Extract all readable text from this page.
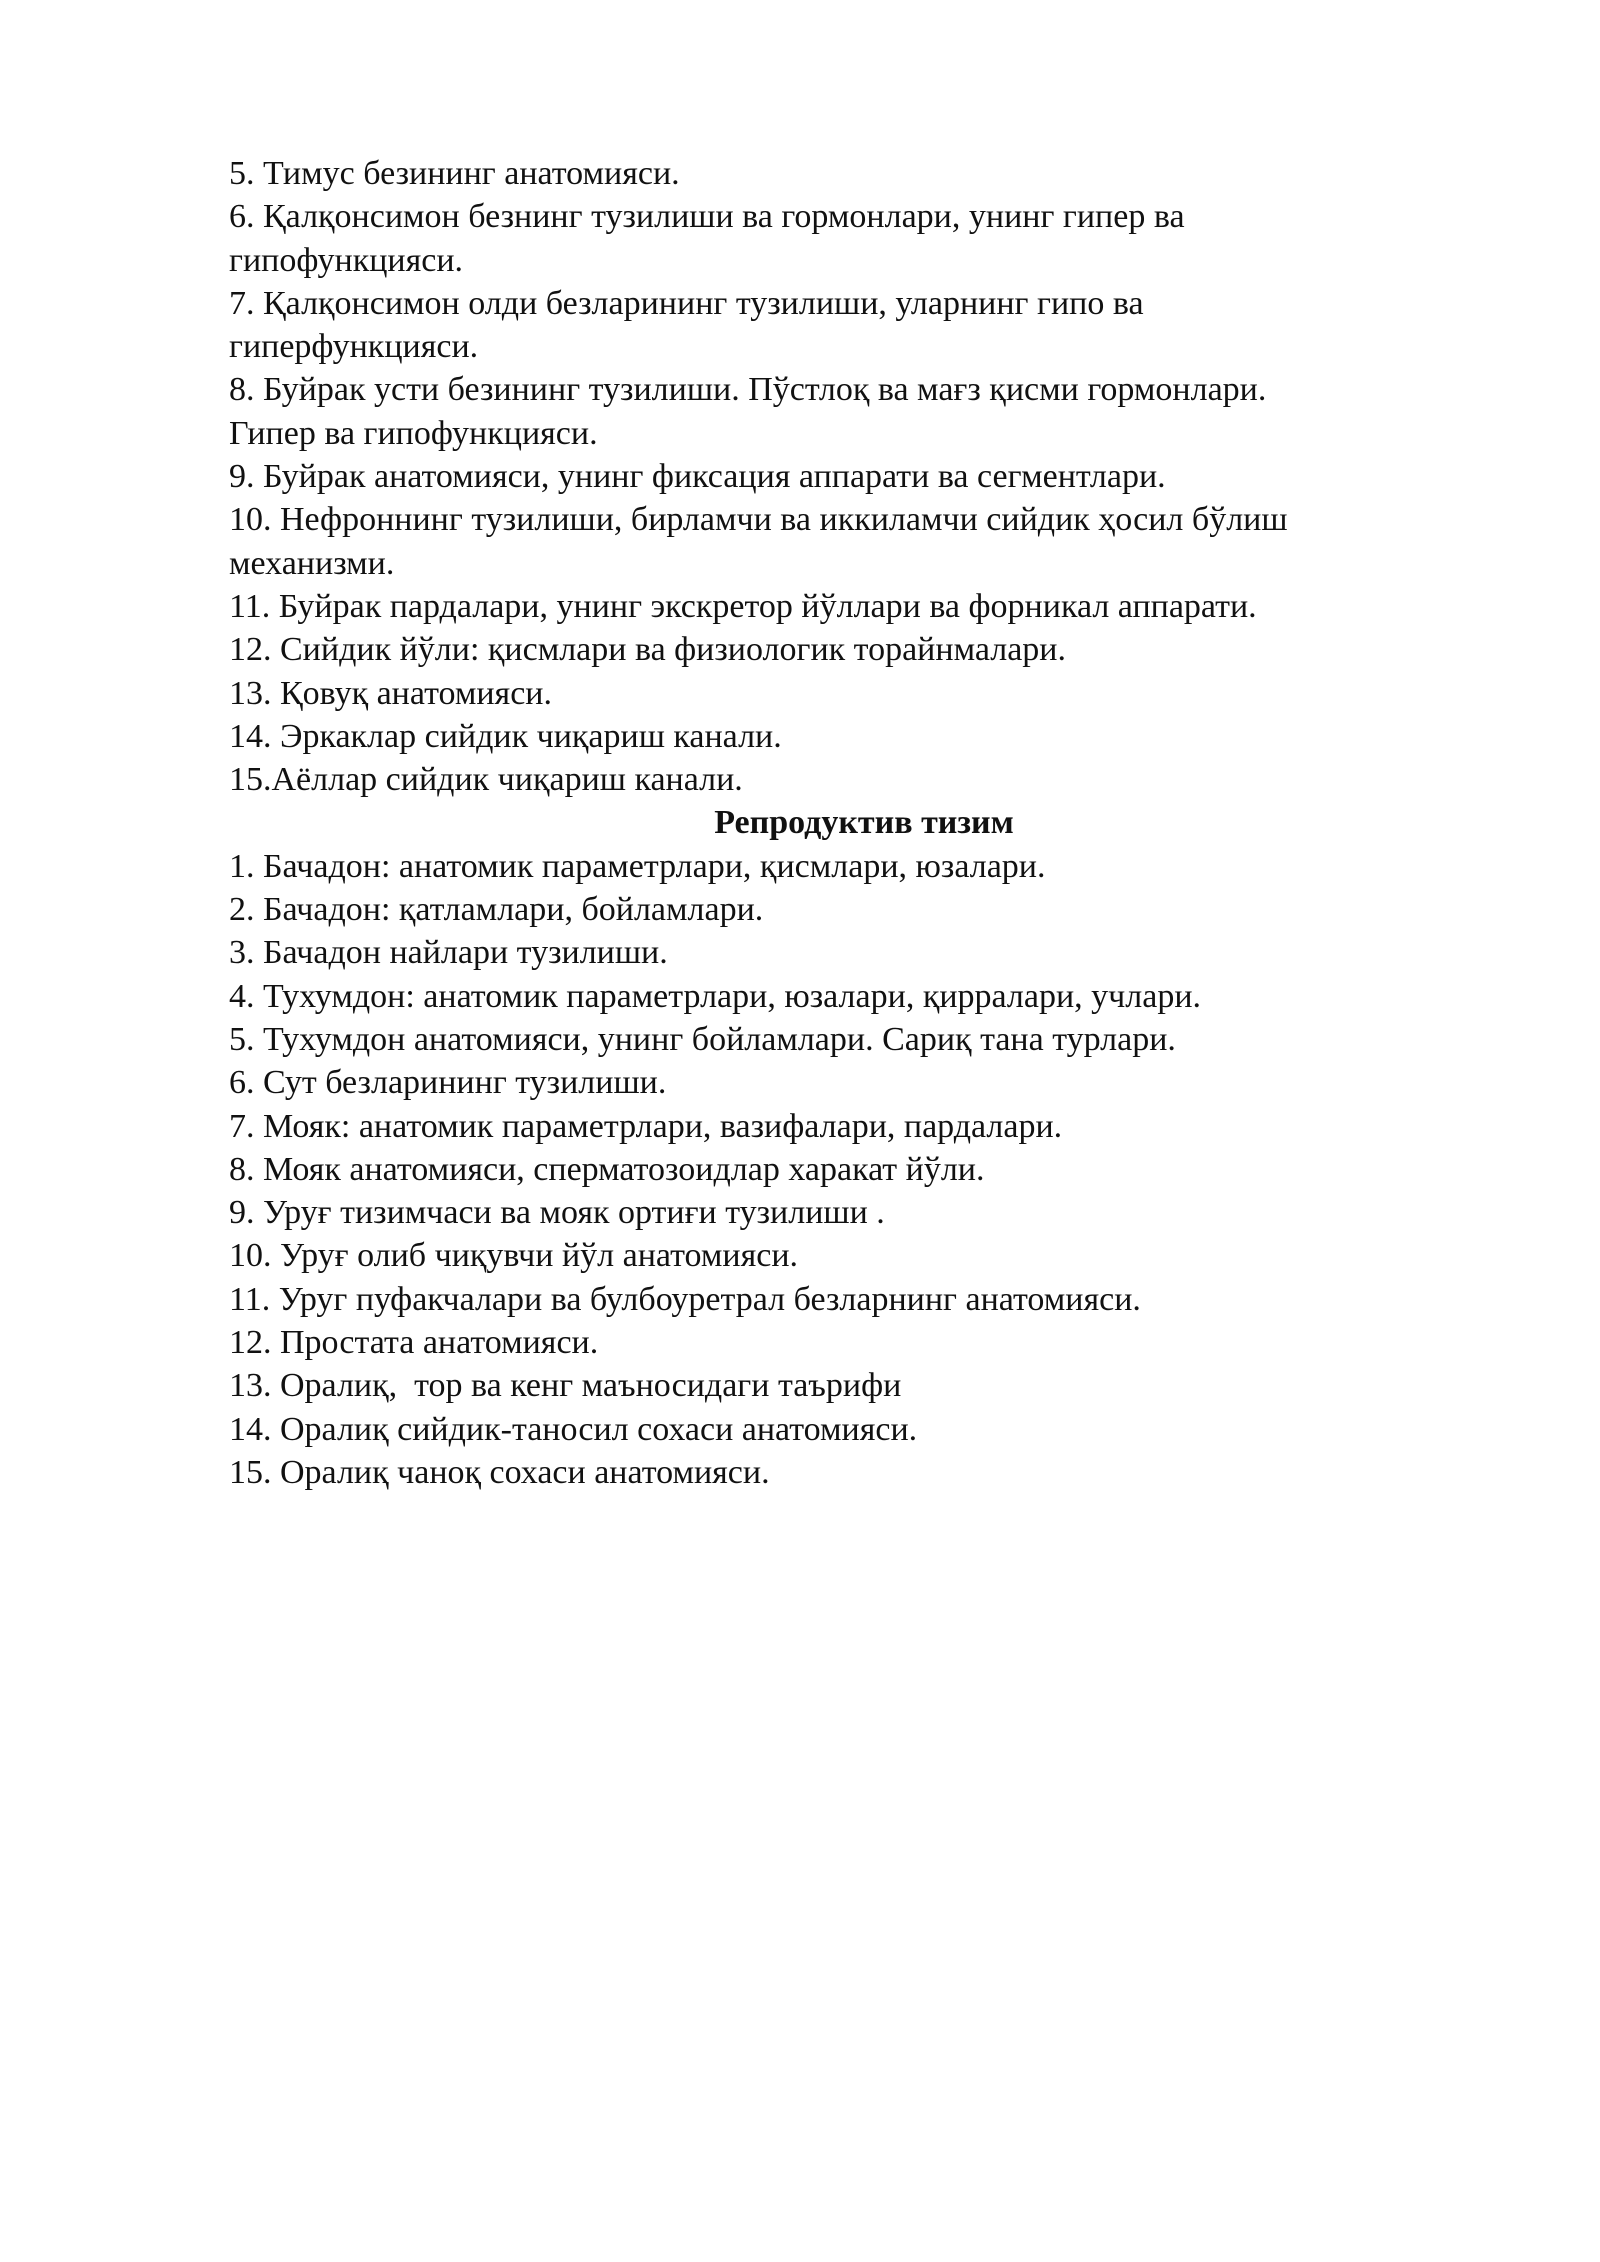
5. Тимус безининг анатомияси.

6. Қалқонсимон безнинг тузилиши ва гормонлари, унинг гипер ва

гипофункцияси.

7. Қалқонсимон олди безларининг тузилиши, уларнинг гипо ва

гиперфункцияси.

8. Буйрак усти безининг тузилиши. Пўстлоқ ва мағз қисми гормонлари.

Гипер ва гипофункцияси.

9. Буйрак анатомияси, унинг фиксация аппарати ва сегментлари.

10. Нефроннинг тузилиши, бирламчи ва иккиламчи сийдик ҳосил бўлиш

механизми.

11. Буйрак пардалари, унинг экскретор йўллари ва форникал аппарати.

12. Сийдик йўли: қисмлари ва физиологик торайнмалари.

13. Қовуқ анатомияси.

14. Эркаклар сийдик чиқариш канали.

15.Аёллар сийдик чиқариш канали.

Репродуктив тизим

1. Бачадон: анатомик параметрлари, қисмлари, юзалари.

2. Бачадон: қатламлари, бойламлари.

3. Бачадон найлари тузилиши.

4. Тухумдон: анатомик параметрлари, юзалари, қирралари, учлари.

5. Тухумдон анатомияси, унинг бойламлари. Сариқ тана турлари.

6. Сут безларининг тузилиши.

7. Мояк: анатомик параметрлари, вазифалари, пардалари.

8. Мояк анатомияси, сперматозоидлар харакат йўли.

9. Уруғ тизимчаси ва мояк ортиғи тузилиши .

10. Уруғ олиб чиқувчи йўл анатомияси.

11. Уруг пуфакчалари ва булбоуретрал безларнинг анатомияси.

12. Простата анатомияси.

13. Оралиқ,  тор ва кенг маъносидаги таърифи

14. Оралиқ сийдик-таносил сохаси анатомияси.

15. Оралиқ чаноқ сохаси анатомияси.
